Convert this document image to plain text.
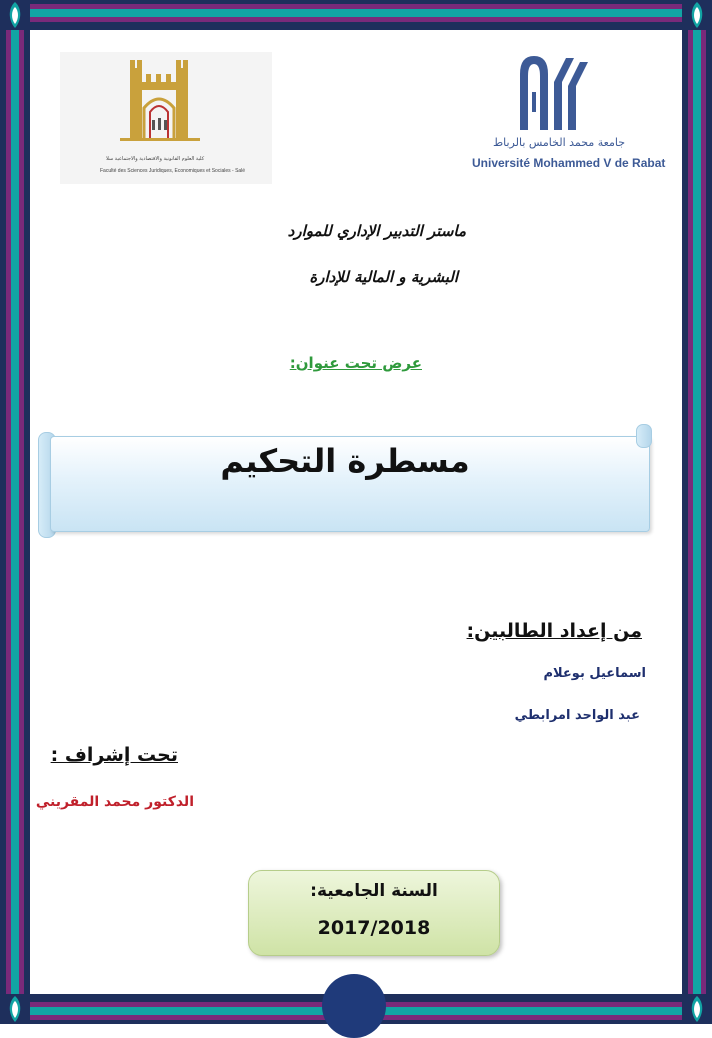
كلية العلوم القانونية والاقتصادية والاجتماعية سلا
Faculté des Sciences Juridiques, Economiques et Sociales - Salé
جامعة محمد الخامس بالرباط
Université Mohammed V de Rabat
ماستر التدبير الإداري للموارد
البشرية و المالية للإدارة
عرض تحت عنوان:
مسطرة التحكيم
من إعداد الطالبين:
اسماعيل بوعلام
عبد الواحد امرابطي
تحت إشراف :
الدكتور محمد المقريني
السنة الجامعية:
2017/2018
